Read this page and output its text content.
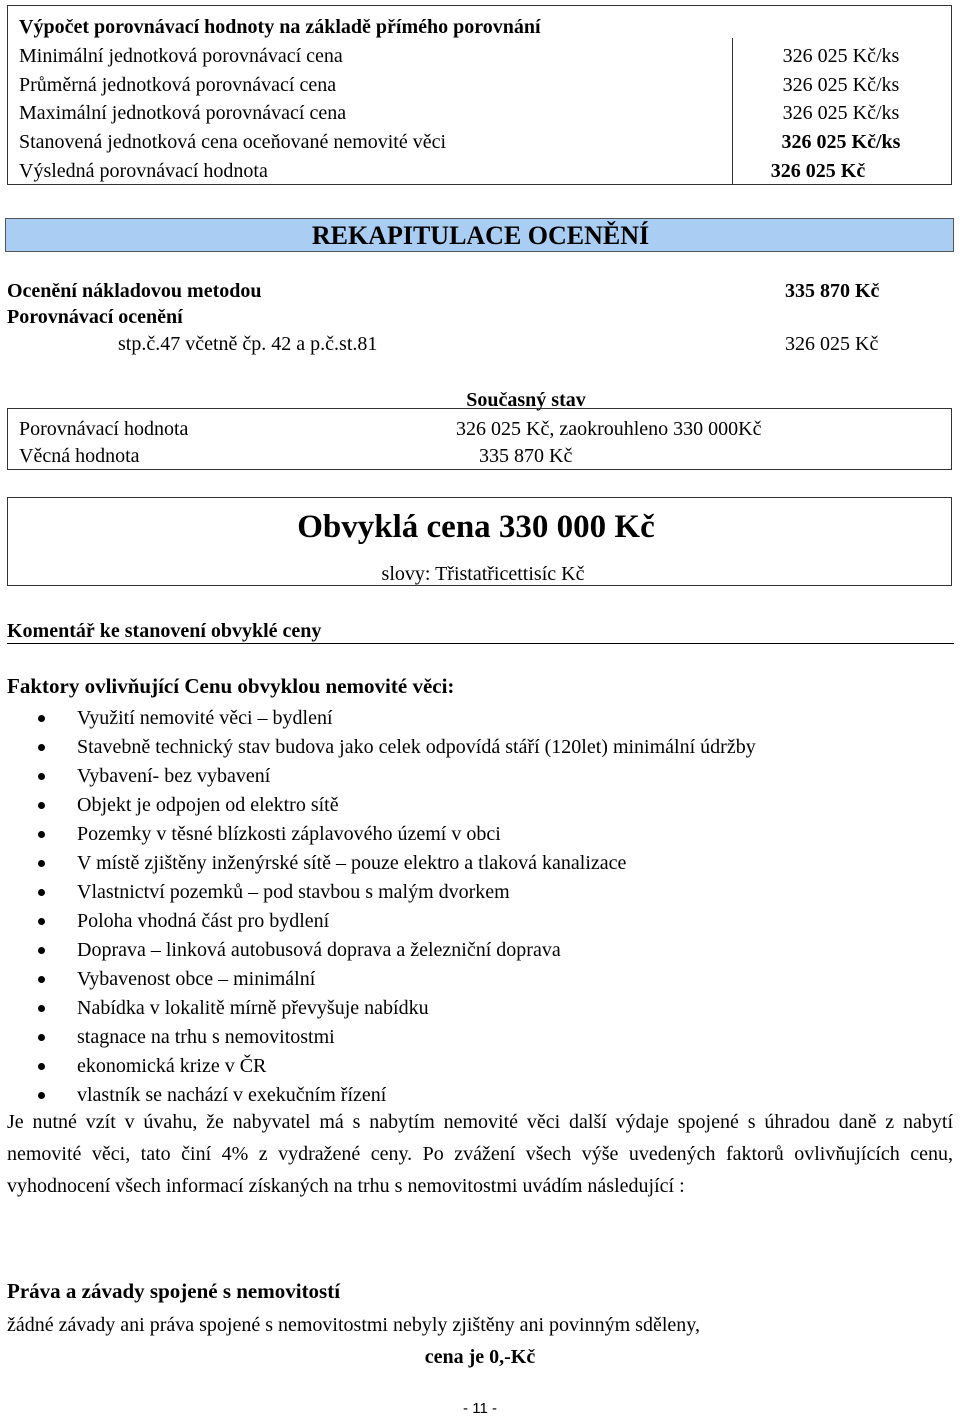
Výpočet porovnávací hodnoty na základě přímého porovnání
Minimální jednotková porovnávací cena	326 025 Kč/ks
Průměrná jednotková porovnávací cena	326 025 Kč/ks
Maximální jednotková porovnávací cena	326 025 Kč/ks
Stanovená jednotková cena oceňované nemovité věci	326 025 Kč/ks
Výsledná porovnávací hodnota	326 025 Kč
REKAPITULACE OCENĚNÍ
Ocenění nákladovou metodou	335 870 Kč
Porovnávací ocenění
stp.č.47 včetně čp. 42 a p.č.st.81	326 025 Kč
Současný stav
Porovnávací hodnota	326 025 Kč, zaokrouhleno 330 000Kč
Věcná hodnota	335 870 Kč
Obvyklá cena 330 000 Kč
slovy: Třistatřicettisíc Kč
Komentář ke stanovení obvyklé ceny
Faktory ovlivňující Cenu obvyklou nemovité věci:
Využití nemovité věci – bydlení
Stavebně technický stav budova jako celek odpovídá stáří (120let) minimální údržby
Vybavení- bez vybavení
Objekt je odpojen od elektro sítě
Pozemky v těsné blízkosti záplavového území v obci
V místě zjištěny inženýrské sítě – pouze elektro a tlaková kanalizace
Vlastnictví pozemků – pod stavbou s malým dvorkem
Poloha vhodná část pro bydlení
Doprava – linková autobusová doprava a železniční doprava
Vybavenost obce – minimální
Nabídka v lokalitě mírně převyšuje nabídku
stagnace na trhu s nemovitostmi
ekonomická krize v ČR
vlastník se nachází v exekučním řízení
Je nutné vzít v úvahu, že nabyvatel má s nabytím nemovité věci další výdaje spojené s úhradou daně z nabytí nemovité věci, tato činí 4% z vydražené ceny. Po zvážení všech výše uvedených faktorů ovlivňujících cenu, vyhodnocení všech informací získaných na trhu s nemovitostmi uvádím následující :
Práva a závady spojené s nemovitostí
žádné závady ani práva spojené s nemovitostmi nebyly zjištěny ani povinným sděleny,
cena je 0,-Kč
- 11 -
